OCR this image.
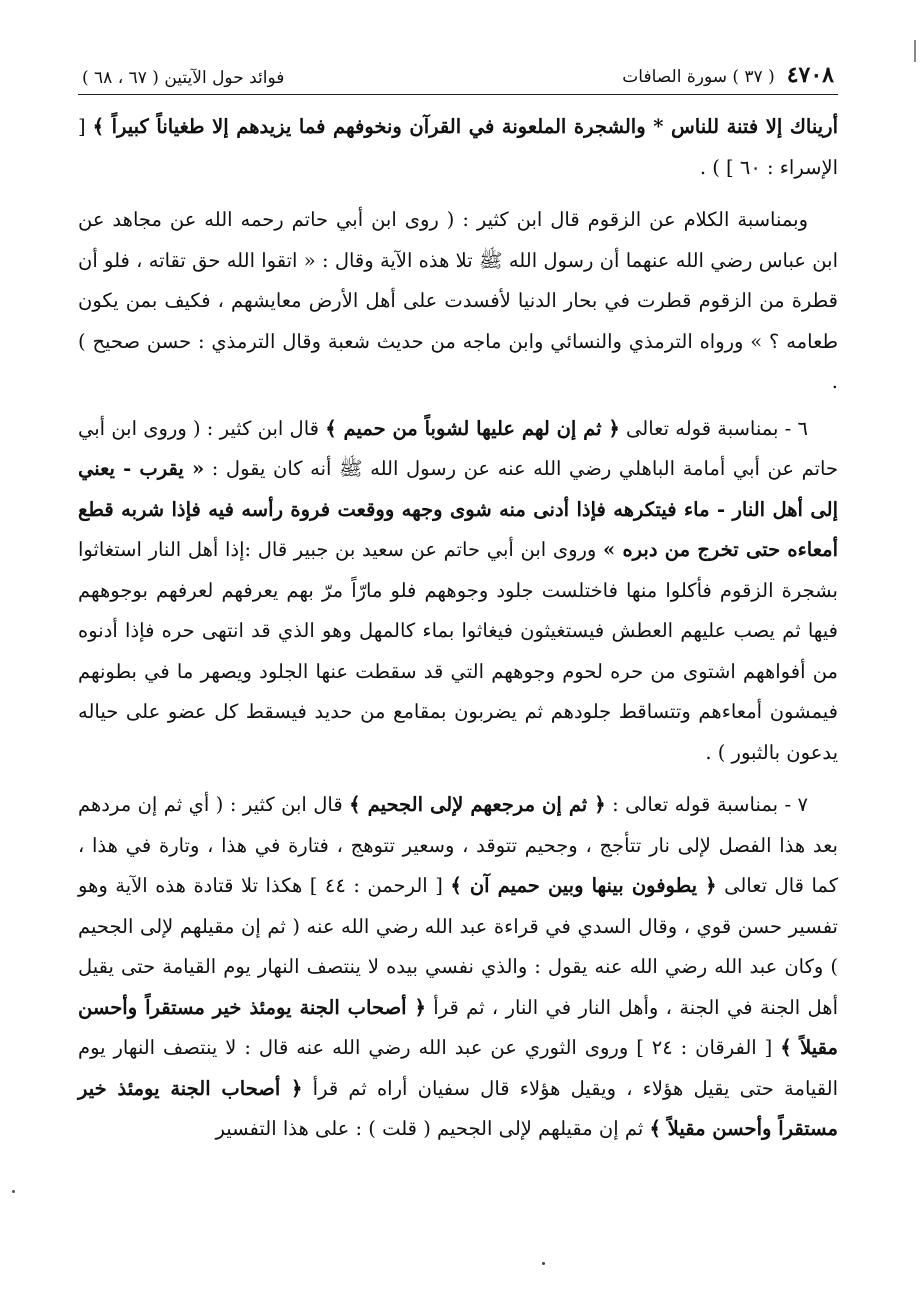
٤٧٠٨
( ٣٧ ) سورة الصافات
فوائد حول الآيتين ( ٦٧ ، ٦٨ )

أريناك إلا فتنة للناس * والشجرة الملعونة في القرآن ونخوفهم فما يزيدهم إلا طغياناً كبيراً ﴾ [ الإسراء : ٦٠ ] ) .

وبمناسبة الكلام عن الزقوم قال ابن كثير : ( روى ابن أبي حاتم رحمه الله عن مجاهد عن ابن عباس رضي الله عنهما أن رسول الله ﷺ تلا هذه الآية وقال : « اتقوا الله حق تقاته ، فلو أن قطرة من الزقوم قطرت في بحار الدنيا لأفسدت على أهل الأرض معايشهم ، فكيف بمن يكون طعامه ؟ » ورواه الترمذي والنسائي وابن ماجه من حديث شعبة وقال الترمذي : حسن صحيح ) .

٦ - بمناسبة قوله تعالى ﴿ ثم إن لهم عليها لشوباً من حميم ﴾ قال ابن كثير : ( وروى ابن أبي حاتم عن أبي أمامة الباهلي رضي الله عنه عن رسول الله ﷺ أنه كان يقول : « يقرب - يعني إلى أهل النار - ماء فيتكرهه فإذا أدنى منه شوى وجهه ووقعت فروة رأسه فيه فإذا شربه قطع أمعاءه حتى تخرج من دبره » وروى ابن أبي حاتم عن سعيد بن جبير قال :إذا أهل النار استغاثوا بشجرة الزقوم فأكلوا منها فاختلست جلود وجوههم فلو مارّاً مرّ بهم يعرفهم لعرفهم بوجوههم فيها ثم يصب عليهم العطش فيستغيثون فيغاثوا بماء كالمهل وهو الذي قد انتهى حره فإذا أدنوه من أفواههم اشتوى من حره لحوم وجوههم التي قد سقطت عنها الجلود ويصهر ما في بطونهم فيمشون أمعاءهم وتتساقط جلودهم ثم يضربون بمقامع من حديد فيسقط كل عضو على حياله يدعون بالثبور ) .

٧ - بمناسبة قوله تعالى : ﴿ ثم إن مرجعهم لإلى الجحيم ﴾ قال ابن كثير : ( أي ثم إن مردهم بعد هذا الفصل لإلى نار تتأجج ، وجحيم تتوقد ، وسعير تتوهج ، فتارة في هذا ، وتارة في هذا ، كما قال تعالى ﴿ يطوفون بينها وبين حميم آن ﴾ [ الرحمن : ٤٤ ] هكذا تلا قتادة هذه الآية وهو تفسير حسن قوي ، وقال السدي في قراءة عبد الله رضي الله عنه ( ثم إن مقيلهم لإلى الجحيم ) وكان عبد الله رضي الله عنه يقول : والذي نفسي بيده لا ينتصف النهار يوم القيامة حتى يقيل أهل الجنة في الجنة ، وأهل النار في النار ، ثم قرأ ﴿ أصحاب الجنة يومئذ خير مستقراً وأحسن مقيلاً ﴾ [ الفرقان : ٢٤ ] وروى الثوري عن عبد الله رضي الله عنه قال : لا ينتصف النهار يوم القيامة حتى يقيل هؤلاء ، ويقيل هؤلاء قال سفيان أراه ثم قرأ ﴿ أصحاب الجنة يومئذ خير مستقراً وأحسن مقيلاً ﴾ ثم إن مقيلهم لإلى الجحيم ( قلت ) : على هذا التفسير
